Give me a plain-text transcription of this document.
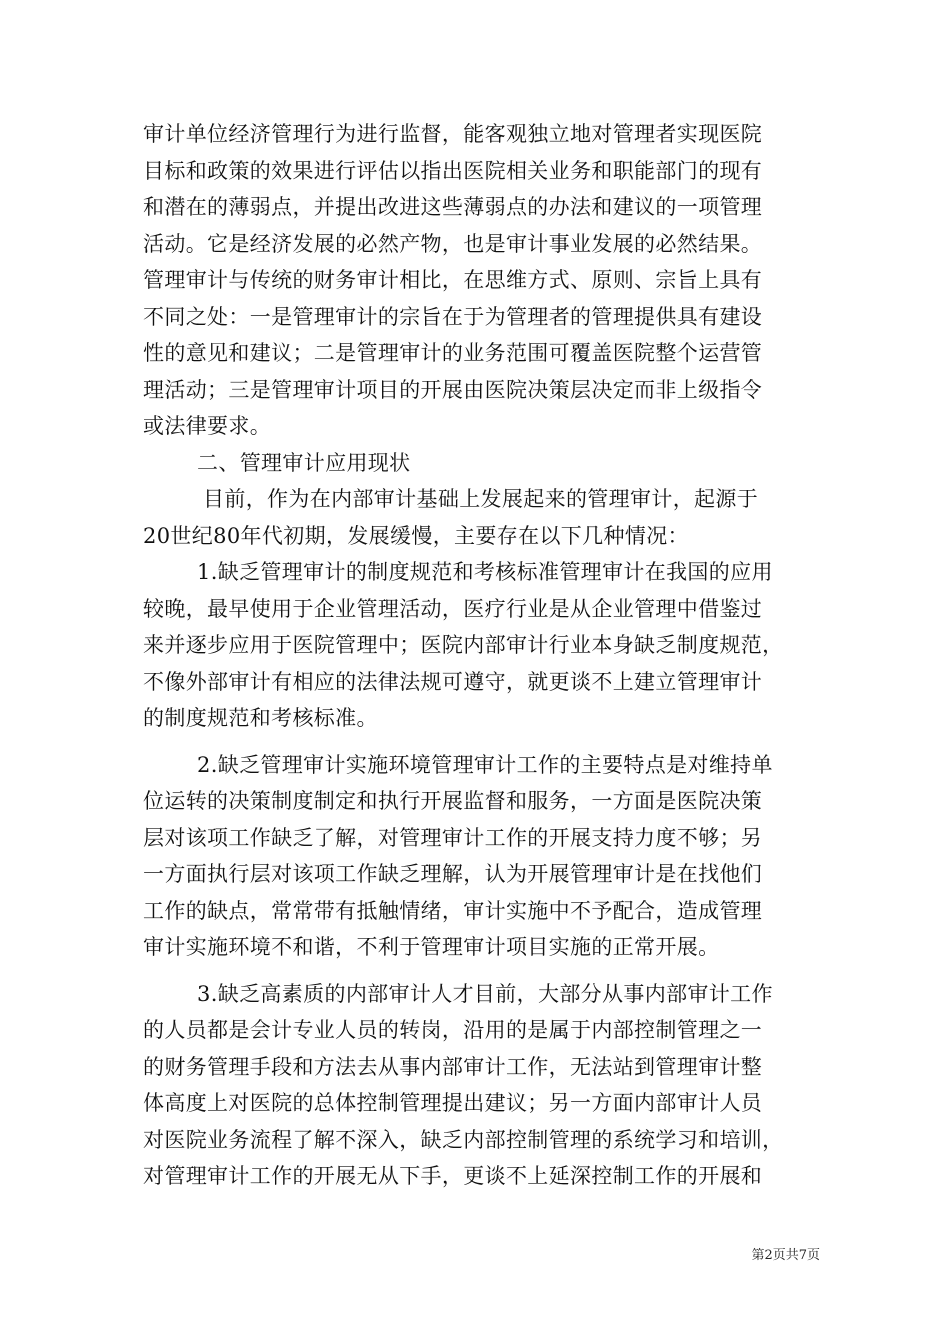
审计单位经济管理行为进行监督，能客观独立地对管理者实现医院
目标和政策的效果进行评估以指出医院相关业务和职能部门的现有
和潜在的薄弱点，并提出改进这些薄弱点的办法和建议的一项管理
活动。它是经济发展的必然产物，也是审计事业发展的必然结果。
管理审计与传统的财务审计相比，在思维方式、原则、宗旨上具有
不同之处：一是管理审计的宗旨在于为管理者的管理提供具有建设
性的意见和建议；二是管理审计的业务范围可覆盖医院整个运营管
理活动；三是管理审计项目的开展由医院决策层决定而非上级指令
或法律要求。
二、管理审计应用现状
目前，作为在内部审计基础上发展起来的管理审计，起源于
20世纪80年代初期，发展缓慢，主要存在以下几种情况：
1.缺乏管理审计的制度规范和考核标准管理审计在我国的应用
较晚，最早使用于企业管理活动，医疗行业是从企业管理中借鉴过
来并逐步应用于医院管理中；医院内部审计行业本身缺乏制度规范，
不像外部审计有相应的法律法规可遵守，就更谈不上建立管理审计
的制度规范和考核标准。
2.缺乏管理审计实施环境管理审计工作的主要特点是对维持单
位运转的决策制度制定和执行开展监督和服务，一方面是医院决策
层对该项工作缺乏了解，对管理审计工作的开展支持力度不够；另
一方面执行层对该项工作缺乏理解，认为开展管理审计是在找他们
工作的缺点，常常带有抵触情绪，审计实施中不予配合，造成管理
审计实施环境不和谐，不利于管理审计项目实施的正常开展。
3.缺乏高素质的内部审计人才目前，大部分从事内部审计工作
的人员都是会计专业人员的转岗，沿用的是属于内部控制管理之一
的财务管理手段和方法去从事内部审计工作，无法站到管理审计整
体高度上对医院的总体控制管理提出建议；另一方面内部审计人员
对医院业务流程了解不深入，缺乏内部控制管理的系统学习和培训，
对管理审计工作的开展无从下手，更谈不上延深控制工作的开展和
第2页共7页
